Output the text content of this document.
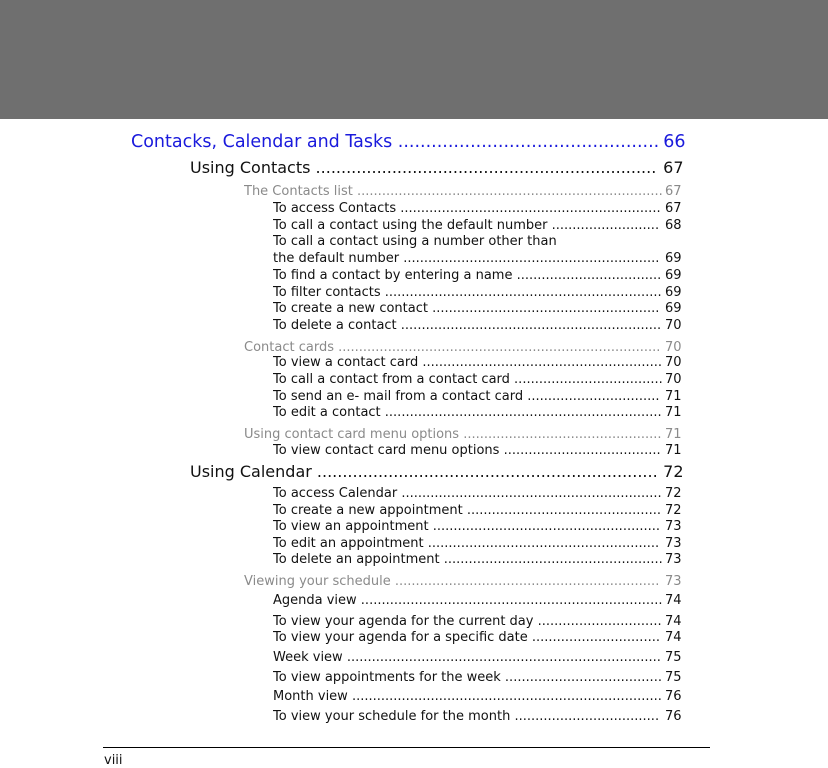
Contacks, Calendar and Tasks ............................................... 66
Using Contacts ................................................................... 67
The Contacts list .......................................................................... 67
To access Contacts ............................................................... 67
To call a contact using the default number .......................... 68
To call a contact using a number other than
the default number .............................................................. 69
To find a contact by entering a name ................................... 69
To filter contacts ................................................................... 69
To create a new contact ....................................................... 69
To delete a contact ............................................................... 70
Contact cards .............................................................................. 70
To view a contact card .......................................................... 70
To call a contact from a contact card .................................... 70
To send an e- mail from a contact card ................................ 71
To edit a contact ................................................................... 71
Using contact card menu options ................................................ 71
To view contact card menu options ...................................... 71
Using Calendar ................................................................... 72
To access Calendar ............................................................... 72
To create a new appointment ............................................... 72
To view an appointment ....................................................... 73
To edit an appointment ........................................................ 73
To delete an appointment ..................................................... 73
Viewing your schedule ................................................................ 73
Agenda view ......................................................................... 74
To view your agenda for the current day .............................. 74
To view your agenda for a specific date ............................... 74
Week view ............................................................................ 75
To view appointments for the week ...................................... 75
Month view ........................................................................... 76
To view your schedule for the month ................................... 76
viii
